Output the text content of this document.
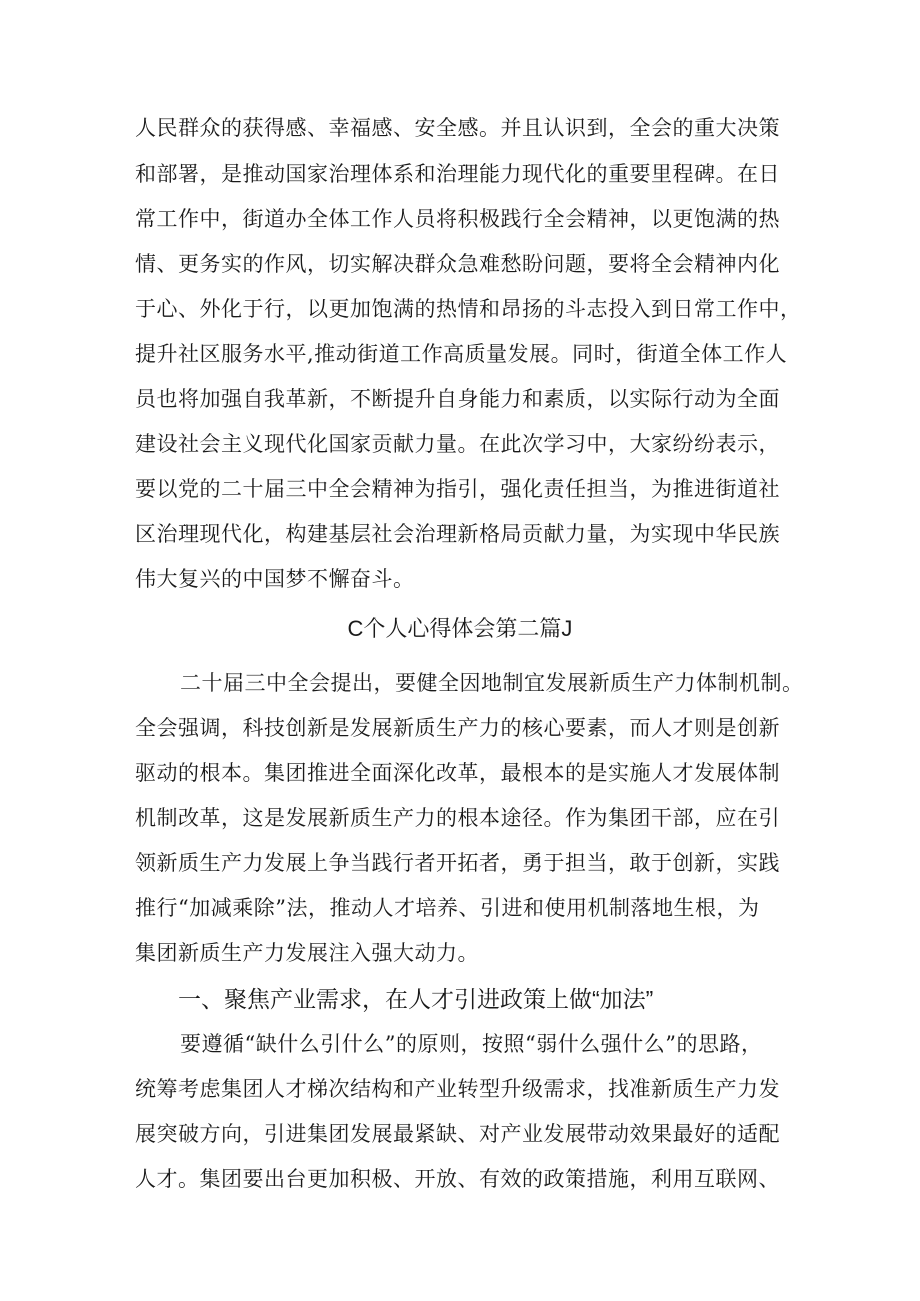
人民群众的获得感、幸福感、安全感。并且认识到，全会的重大决策
和部署，是推动国家治理体系和治理能力现代化的重要里程碑。在日
常工作中，街道办全体工作人员将积极践行全会精神，以更饱满的热
情、更务实的作风，切实解决群众急难愁盼问题，要将全会精神内化
于心、外化于行，以更加饱满的热情和昂扬的斗志投入到日常工作中，
提升社区服务水平,推动街道工作高质量发展。同时，街道全体工作人
员也将加强自我革新，不断提升自身能力和素质，以实际行动为全面
建设社会主义现代化国家贡献力量。在此次学习中，大家纷纷表示，
要以党的二十届三中全会精神为指引，强化责任担当，为推进街道社
区治理现代化，构建基层社会治理新格局贡献力量，为实现中华民族
伟大复兴的中国梦不懈奋斗。
C个人心得体会第二篇J
二十届三中全会提出，要健全因地制宜发展新质生产力体制机制。
全会强调，科技创新是发展新质生产力的核心要素，而人才则是创新
驱动的根本。集团推进全面深化改革，最根本的是实施人才发展体制
机制改革，这是发展新质生产力的根本途径。作为集团干部，应在引
领新质生产力发展上争当践行者开拓者，勇于担当，敢于创新，实践
推行“加减乘除”法，推动人才培养、引进和使用机制落地生根，为
集团新质生产力发展注入强大动力。
一、聚焦产业需求，在人才引进政策上做“加法”
要遵循“缺什么引什么”的原则，按照“弱什么强什么”的思路，
统筹考虑集团人才梯次结构和产业转型升级需求，找准新质生产力发
展突破方向，引进集团发展最紧缺、对产业发展带动效果最好的适配
人才。集团要出台更加积极、开放、有效的政策措施，利用互联网、
